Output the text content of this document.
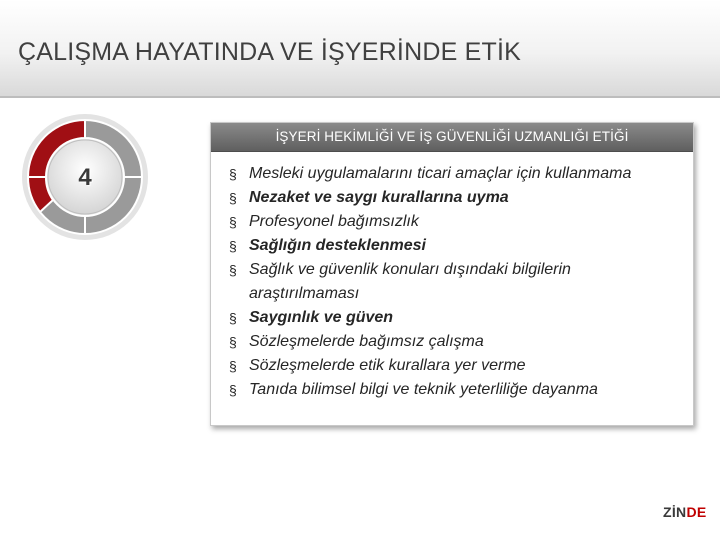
ÇALIŞMA HAYATINDA VE İŞYERİNDE ETİK
4
İŞYERİ HEKİMLİĞİ VE İŞ GÜVENLİĞİ UZMANLIĞI ETİĞİ
§ Mesleki uygulamalarını ticari amaçlar için kullanmama
§ Nezaket ve saygı kurallarına uyma
§ Profesyonel bağımsızlık
§ Sağlığın desteklenmesi
§ Sağlık ve güvenlik konuları dışındaki bilgilerin araştırılmaması
§ Saygınlık ve güven
§ Sözleşmelerde bağımsız çalışma
§ Sözleşmelerde etik kurallara yer verme
§ Tanıda bilimsel bilgi ve teknik yeterliliğe dayanma
ZİNDE
